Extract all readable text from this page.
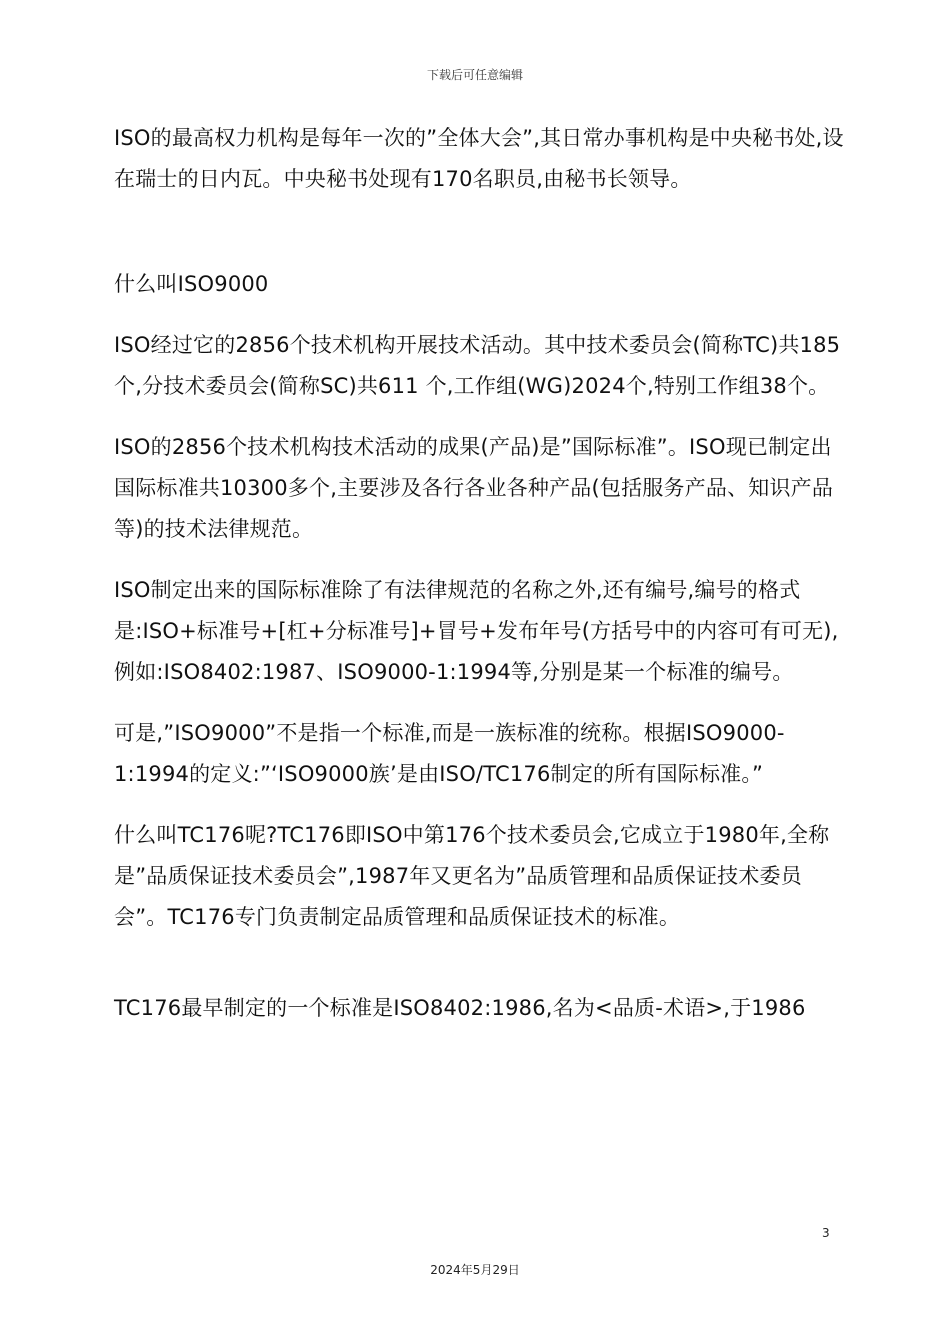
下载后可任意编辑

ISO的最高权力机构是每年一次的”全体大会”,其日常办事机构是中央秘书处,设在瑞士的日内瓦。中央秘书处现有170名职员,由秘书长领导。

什么叫ISO9000

ISO经过它的2856个技术机构开展技术活动。其中技术委员会(简称TC)共185个,分技术委员会(简称SC)共611 个,工作组(WG)2024个,特别工作组38个。

ISO的2856个技术机构技术活动的成果(产品)是”国际标准”。ISO现已制定出国际标准共10300多个,主要涉及各行各业各种产品(包括服务产品、知识产品等)的技术法律规范。

ISO制定出来的国际标准除了有法律规范的名称之外,还有编号,编号的格式是:ISO+标准号+[杠+分标准号]+冒号+发布年号(方括号中的内容可有可无),例如:ISO8402:1987、ISO9000-1:1994等,分别是某一个标准的编号。

可是,”ISO9000”不是指一个标准,而是一族标准的统称。根据ISO9000-1:1994的定义:”‘ISO9000族’是由ISO/TC176制定的所有国际标准。”

什么叫TC176呢?TC176即ISO中第176个技术委员会,它成立于1980年,全称是”品质保证技术委员会”,1987年又更名为”品质管理和品质保证技术委员会”。TC176专门负责制定品质管理和品质保证技术的标准。

TC176最早制定的一个标准是ISO8402:1986,名为<品质-术语>,于1986

3
2024年5月29日
